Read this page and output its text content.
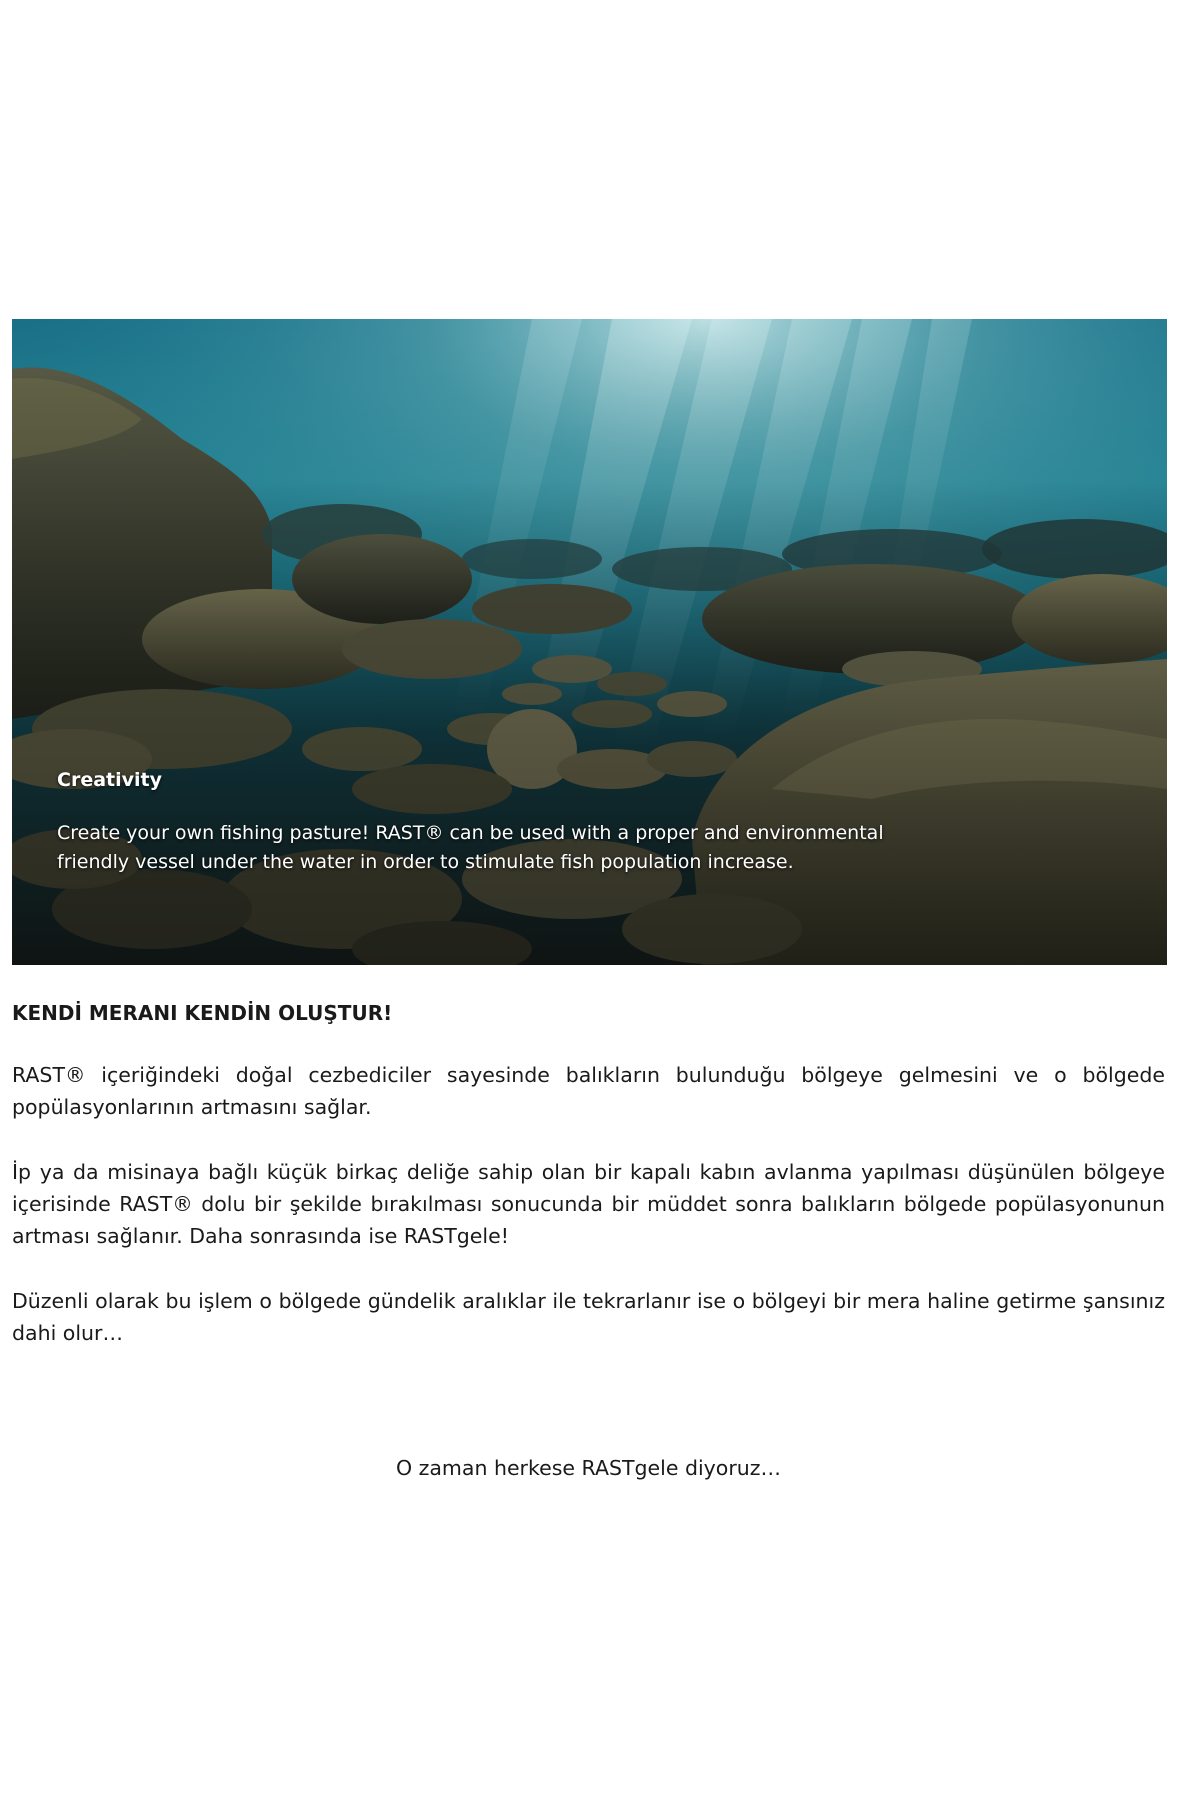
Creativity

Create your own fishing pasture! RAST® can be used with a proper and environmental friendly vessel under the water in order to stimulate fish population increase.

KENDİ MERANI KENDİN OLUŞTUR!

RAST® içeriğindeki doğal cezbediciler sayesinde balıkların bulunduğu bölgeye gelmesini ve o bölgede popülasyonlarının artmasını sağlar.

İp ya da misinaya bağlı küçük birkaç deliğe sahip olan bir kapalı kabın avlanma yapılması düşünülen bölgeye içerisinde RAST® dolu bir şekilde bırakılması sonucunda bir müddet sonra balıkların bölgede popülasyonunun artması sağlanır. Daha sonrasında ise RASTgele!

Düzenli olarak bu işlem o bölgede gündelik aralıklar ile tekrarlanır ise o bölgeyi bir mera haline getirme şansınız dahi olur…

O zaman herkese RASTgele diyoruz…
